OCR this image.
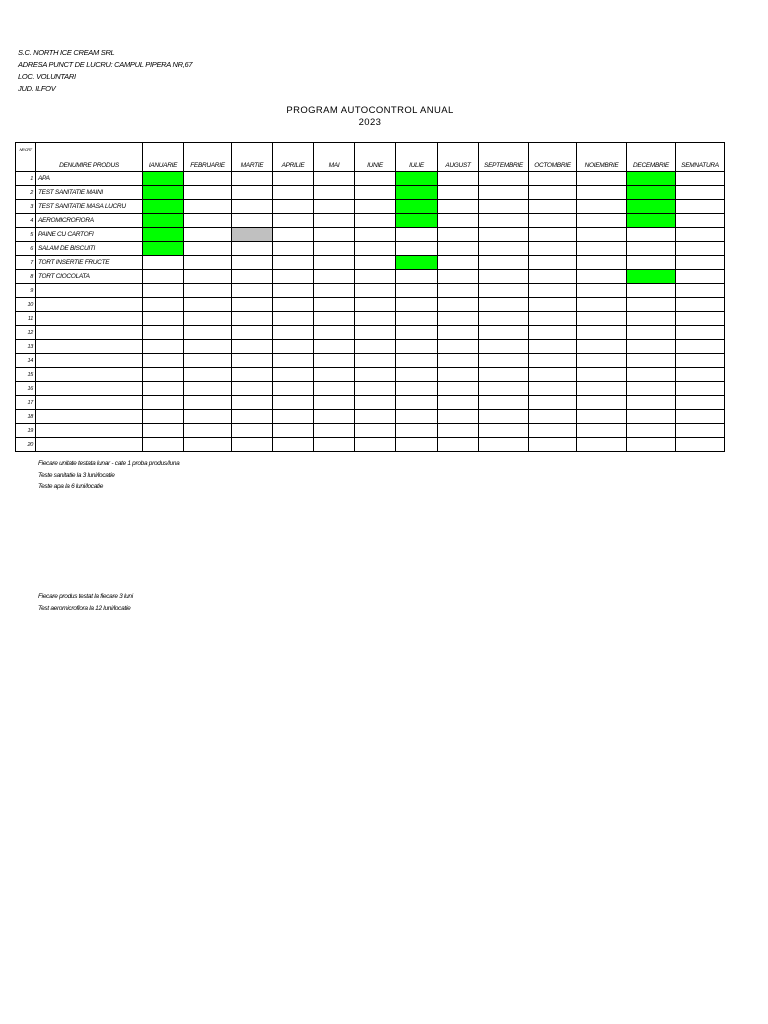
S.C. NORTH ICE CREAM SRL
ADRESA PUNCT DE LUCRU: CAMPUL PIPERA NR,67
LOC. VOLUNTARI
JUD. ILFOV
PROGRAM AUTOCONTROL ANUAL
2023
NR CRT	DENUMIRE PRODUS	IANUARIE	FEBRUARIE	MARTIE	APRILIE	MAI	IUNIE	IULIE	AUGUST	SEPTEMBRIE	OCTOMBRIE	NOIEMBRIE	DECEMBRIE	SEMNATURA
1	APA													
2	TEST SANITATIE MAINI													
3	TEST SANITATIE MASA LUCRU													
4	AEROMICROFIORA													
5	PAINE CU CARTOFI													
6	SALAM DE BISCUITI													
7	TORT INSERTIE FRUCTE													
8	TORT CIOCOLATA													
9														
10														
11														
12														
13														
14														
15														
16														
17														
18														
19														
20														
Fiecare unitate testata lunar - cate 1 proba produs/luna
Teste sanitatie la 3 luni/locatie
Teste apa la 6 luni/locatie
Fiecare produs testat la fiecare 3 luni
Test aeromicroflora la 12 luni/locatie
